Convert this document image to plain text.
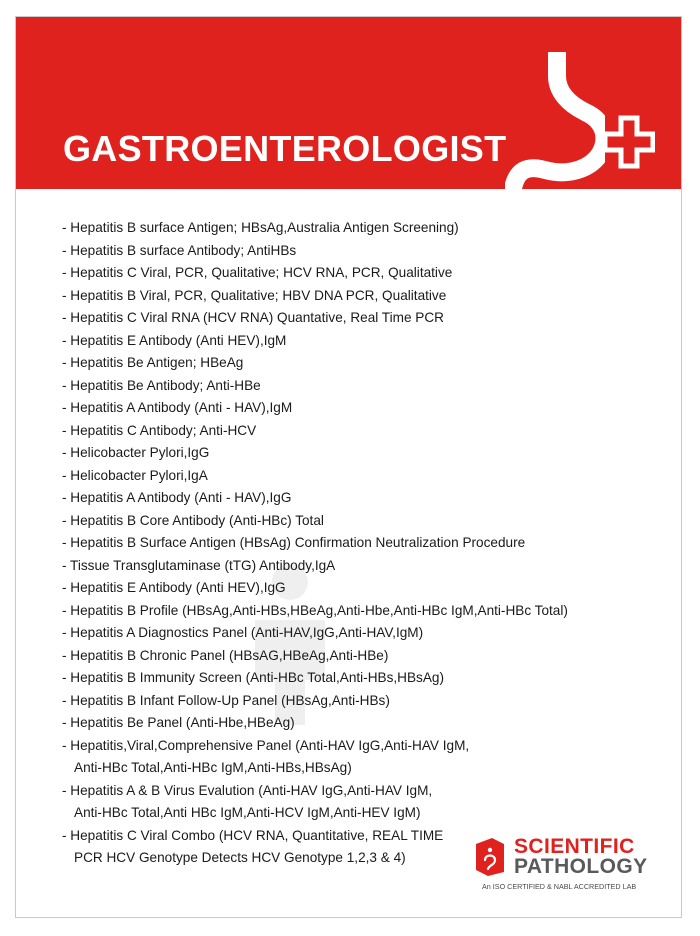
GASTROENTEROLOGIST
- Hepatitis B surface Antigen; HBsAg,Australia Antigen Screening)
- Hepatitis B surface Antibody; AntiHBs
- Hepatitis C Viral, PCR, Qualitative; HCV RNA, PCR, Qualitative
- Hepatitis B Viral, PCR, Qualitative; HBV DNA PCR, Qualitative
- Hepatitis C Viral RNA (HCV RNA) Quantative, Real Time PCR
- Hepatitis E Antibody (Anti HEV),IgM
- Hepatitis Be Antigen; HBeAg
- Hepatitis Be Antibody; Anti-HBe
- Hepatitis A Antibody (Anti - HAV),IgM
- Hepatitis C Antibody; Anti-HCV
- Helicobacter Pylori,IgG
- Helicobacter Pylori,IgA
- Hepatitis A Antibody (Anti - HAV),IgG
- Hepatitis B Core Antibody (Anti-HBc) Total
- Hepatitis B Surface Antigen (HBsAg) Confirmation Neutralization Procedure
- Tissue Transglutaminase (tTG) Antibody,IgA
- Hepatitis E Antibody (Anti HEV),IgG
- Hepatitis B Profile (HBsAg,Anti-HBs,HBeAg,Anti-Hbe,Anti-HBc IgM,Anti-HBc Total)
- Hepatitis A Diagnostics Panel (Anti-HAV,IgG,Anti-HAV,IgM)
- Hepatitis B Chronic Panel (HBsAG,HBeAg,Anti-HBe)
- Hepatitis B Immunity Screen (Anti-HBc Total,Anti-HBs,HBsAg)
- Hepatitis B Infant Follow-Up Panel (HBsAg,Anti-HBs)
- Hepatitis Be Panel (Anti-Hbe,HBeAg)
- Hepatitis,Viral,Comprehensive Panel (Anti-HAV IgG,Anti-HAV IgM,
Anti-HBc Total,Anti-HBc IgM,Anti-HBs,HBsAg)
- Hepatitis A & B Virus Evalution (Anti-HAV IgG,Anti-HAV IgM,
Anti-HBc Total,Anti HBc IgM,Anti-HCV IgM,Anti-HEV IgM)
- Hepatitis C Viral Combo (HCV RNA, Quantitative, REAL TIME
PCR HCV Genotype Detects HCV Genotype 1,2,3 & 4)	SCIENTIFIC
PATHOLOGY
An ISO CERTIFIED & NABL ACCREDITED LAB
